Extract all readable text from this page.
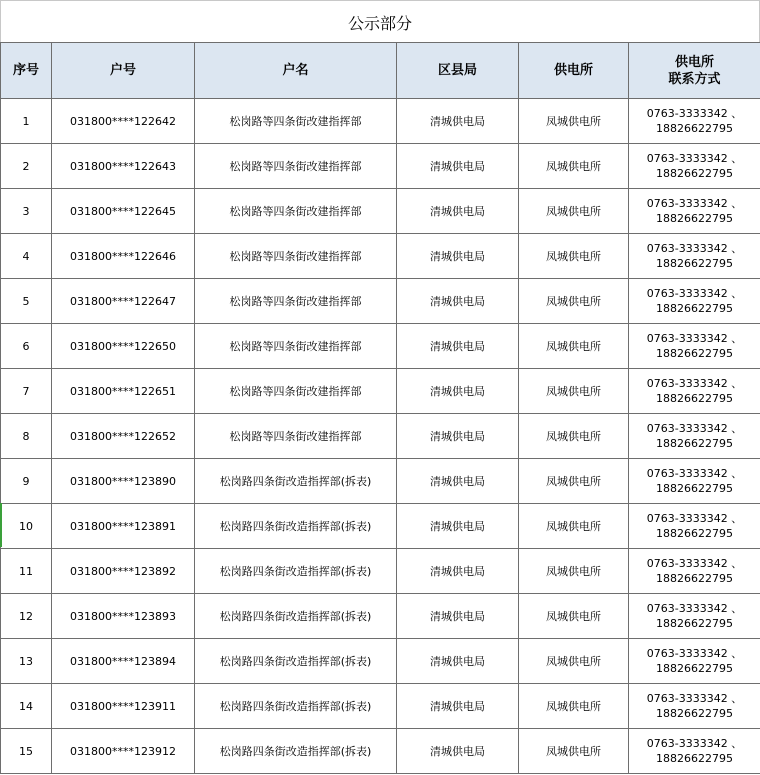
公示部分
序号	户号	户名	区县局	供电所	供电所
联系方式

1	031800****122642	松岗路等四条街改建指挥部	清城供电局	凤城供电所	0763-3333342 、
18826622795

2	031800****122643	松岗路等四条街改建指挥部	清城供电局	凤城供电所	0763-3333342 、
18826622795

3	031800****122645	松岗路等四条街改建指挥部	清城供电局	凤城供电所	0763-3333342 、
18826622795

4	031800****122646	松岗路等四条街改建指挥部	清城供电局	凤城供电所	0763-3333342 、
18826622795

5	031800****122647	松岗路等四条街改建指挥部	清城供电局	凤城供电所	0763-3333342 、
18826622795

6	031800****122650	松岗路等四条街改建指挥部	清城供电局	凤城供电所	0763-3333342 、
18826622795

7	031800****122651	松岗路等四条街改建指挥部	清城供电局	凤城供电所	0763-3333342 、
18826622795

8	031800****122652	松岗路等四条街改建指挥部	清城供电局	凤城供电所	0763-3333342 、
18826622795

9	031800****123890	松岗路四条街改造指挥部(拆表)	清城供电局	凤城供电所	0763-3333342 、
18826622795

10	031800****123891	松岗路四条街改造指挥部(拆表)	清城供电局	凤城供电所	0763-3333342 、
18826622795

11	031800****123892	松岗路四条街改造指挥部(拆表)	清城供电局	凤城供电所	0763-3333342 、
18826622795

12	031800****123893	松岗路四条街改造指挥部(拆表)	清城供电局	凤城供电所	0763-3333342 、
18826622795

13	031800****123894	松岗路四条街改造指挥部(拆表)	清城供电局	凤城供电所	0763-3333342 、
18826622795

14	031800****123911	松岗路四条街改造指挥部(拆表)	清城供电局	凤城供电所	0763-3333342 、
18826622795

15	031800****123912	松岗路四条街改造指挥部(拆表)	清城供电局	凤城供电所	0763-3333342 、
18826622795
